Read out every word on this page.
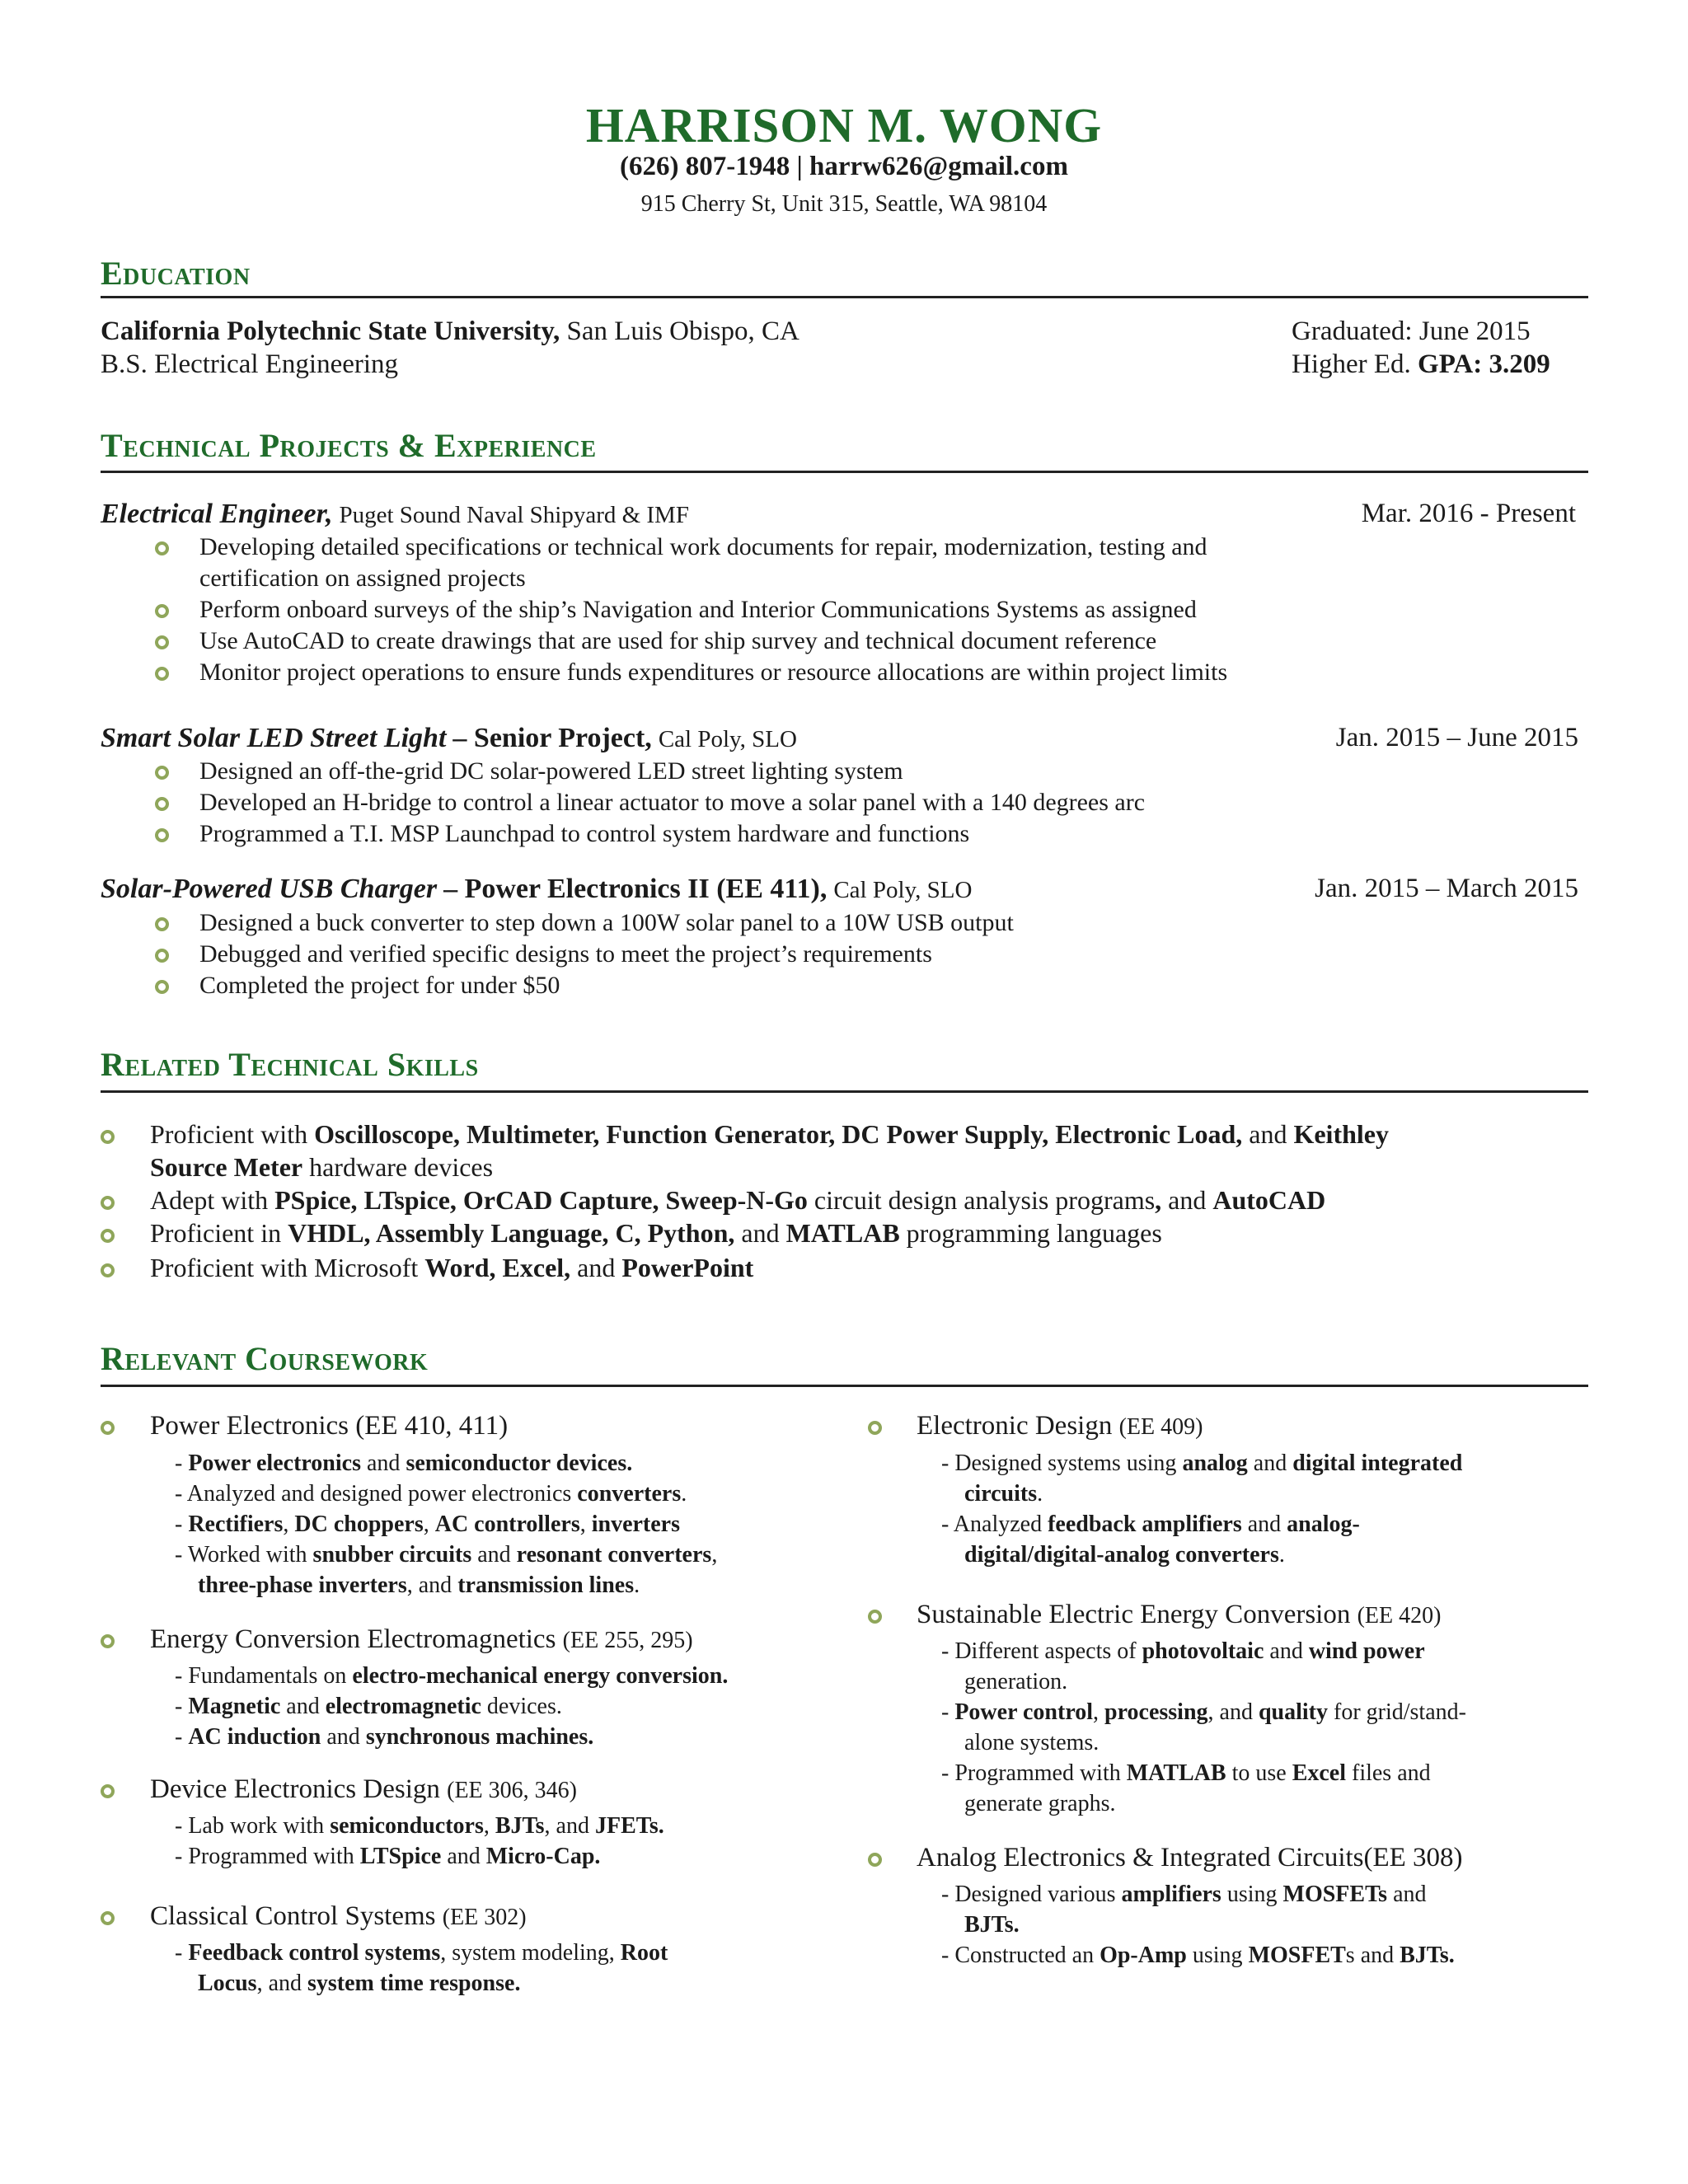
HARRISON M. WONG
(626) 807-1948 | harrw626@gmail.com
915 Cherry St, Unit 315, Seattle, WA 98104
Education
California Polytechnic State University, San Luis Obispo, CA	Graduated: June 2015
B.S. Electrical Engineering	Higher Ed. GPA: 3.209
Technical Projects & Experience
Electrical Engineer, Puget Sound Naval Shipyard & IMF	Mar. 2016 - Present
Developing detailed specifications or technical work documents for repair, modernization, testing and
certification on assigned projects
Perform onboard surveys of the ship’s Navigation and Interior Communications Systems as assigned
Use AutoCAD to create drawings that are used for ship survey and technical document reference
Monitor project operations to ensure funds expenditures or resource allocations are within project limits
Smart Solar LED Street Light – Senior Project, Cal Poly, SLO	Jan. 2015 – June 2015
Designed an off-the-grid DC solar-powered LED street lighting system
Developed an H-bridge to control a linear actuator to move a solar panel with a 140 degrees arc
Programmed a T.I. MSP Launchpad to control system hardware and functions
Solar-Powered USB Charger – Power Electronics II (EE 411), Cal Poly, SLO	Jan. 2015 – March 2015
Designed a buck converter to step down a 100W solar panel to a 10W USB output
Debugged and verified specific designs to meet the project’s requirements
Completed the project for under $50
Related Technical Skills
Proficient with Oscilloscope, Multimeter, Function Generator, DC Power Supply, Electronic Load, and Keithley
Source Meter hardware devices
Adept with PSpice, LTspice, OrCAD Capture, Sweep-N-Go circuit design analysis programs, and AutoCAD
Proficient in VHDL, Assembly Language, C, Python, and MATLAB programming languages
Proficient with Microsoft Word, Excel, and PowerPoint
Relevant Coursework
Power Electronics (EE 410, 411)
- Power electronics and semiconductor devices.
- Analyzed and designed power electronics converters.
- Rectifiers, DC choppers, AC controllers, inverters
- Worked with snubber circuits and resonant converters,
three-phase inverters, and transmission lines.
Energy Conversion Electromagnetics (EE 255, 295)
- Fundamentals on electro-mechanical energy conversion.
- Magnetic and electromagnetic devices.
- AC induction and synchronous machines.
Device Electronics Design (EE 306, 346)
- Lab work with semiconductors, BJTs, and JFETs.
- Programmed with LTSpice and Micro-Cap.
Classical Control Systems (EE 302)
- Feedback control systems, system modeling, Root
Locus, and system time response.
Electronic Design (EE 409)
- Designed systems using analog and digital integrated
circuits.
- Analyzed feedback amplifiers and analog-
digital/digital-analog converters.
Sustainable Electric Energy Conversion (EE 420)
- Different aspects of photovoltaic and wind power
generation.
- Power control, processing, and quality for grid/stand-
alone systems.
- Programmed with MATLAB to use Excel files and
generate graphs.
Analog Electronics & Integrated Circuits(EE 308)
- Designed various amplifiers using MOSFETs and
BJTs.
- Constructed an Op-Amp using MOSFETs and BJTs.
